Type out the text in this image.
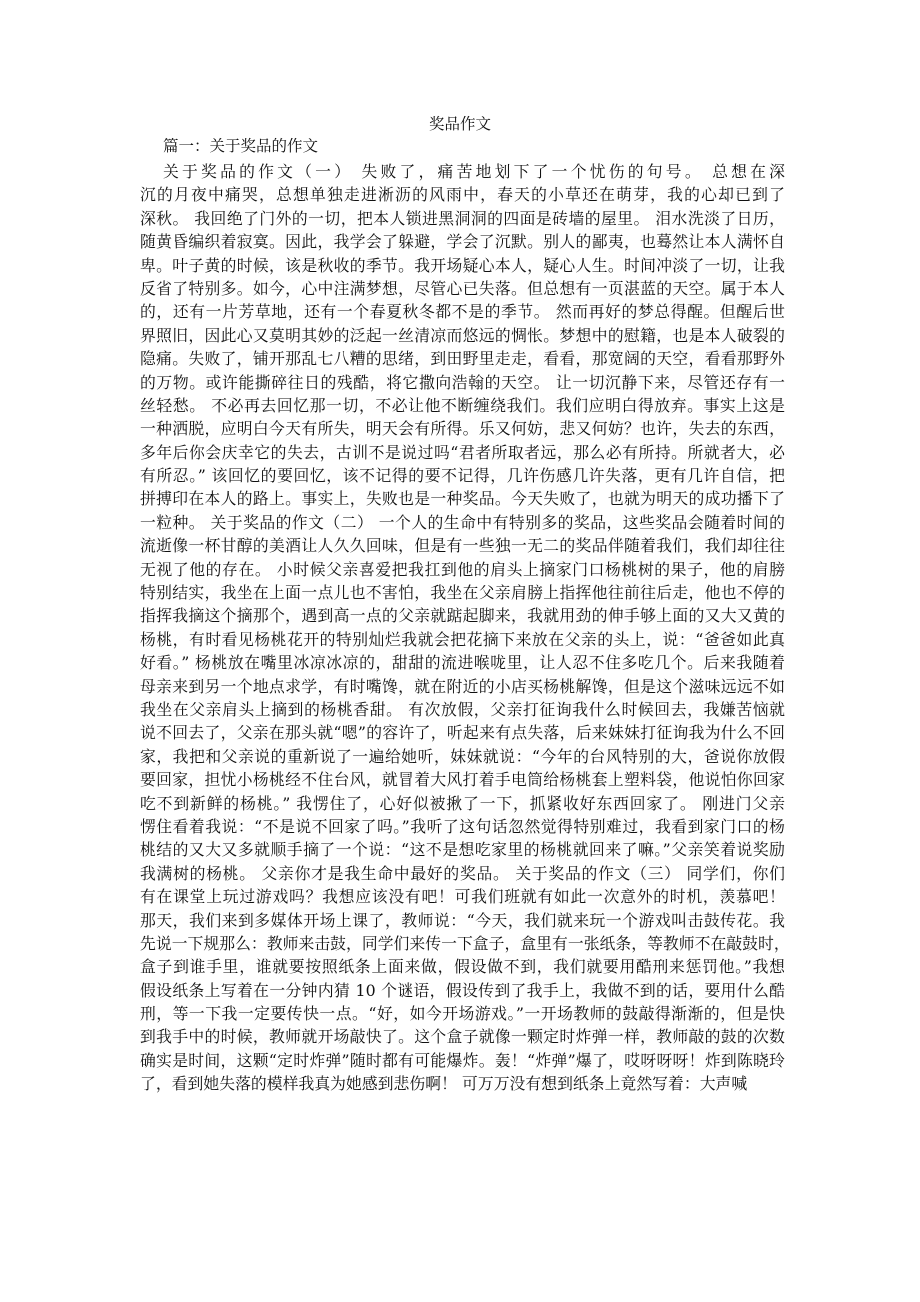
奖品作文
篇一：关于奖品的作文
关于奖品的作文（一） 失败了，痛苦地划下了一个忧伤的句号。 总想在深
沉的月夜中痛哭，总想单独走进淅沥的风雨中，春天的小草还在萌芽，我的心却已到了
深秋。 我回绝了门外的一切，把本人锁进黑洞洞的四面是砖墙的屋里。 泪水洗淡了日历，
随黄昏编织着寂寞。因此，我学会了躲避，学会了沉默。别人的鄙夷，也蓦然让本人满怀自
卑。叶子黄的时候，该是秋收的季节。我开场疑心本人，疑心人生。时间冲淡了一切，让我
反省了特别多。如今，心中注满梦想，尽管心已失落。但总想有一页湛蓝的天空。属于本人
的，还有一片芳草地，还有一个春夏秋冬都不是的季节。 然而再好的梦总得醒。但醒后世
界照旧，因此心又莫明其妙的泛起一丝清凉而悠远的惆怅。梦想中的慰籍，也是本人破裂的
隐痛。失败了，铺开那乱七八糟的思绪，到田野里走走，看看，那宽阔的天空，看看那野外
的万物。或许能撕碎往日的残酷，将它撒向浩翰的天空。 让一切沉静下来，尽管还存有一
丝轻愁。 不必再去回忆那一切，不必让他不断缠绕我们。我们应明白得放弃。事实上这是
一种洒脱，应明白今天有所失，明天会有所得。乐又何妨，悲又何妨？也许，失去的东西，
多年后你会庆幸它的失去，古训不是说过吗“君者所取者远，那么必有所持。所就者大，必
有所忍。” 该回忆的要回忆，该不记得的要不记得，几许伤感几许失落，更有几许自信，把
拼搏印在本人的路上。事实上，失败也是一种奖品。今天失败了，也就为明天的成功播下了
一粒种。 关于奖品的作文（二） 一个人的生命中有特别多的奖品，这些奖品会随着时间的
流逝像一杯甘醇的美酒让人久久回味，但是有一些独一无二的奖品伴随着我们，我们却往往
无视了他的存在。 小时候父亲喜爱把我扛到他的肩头上摘家门口杨桃树的果子，他的肩膀
特别结实，我坐在上面一点儿也不害怕，我坐在父亲肩膀上指挥他往前往后走，他也不停的
指挥我摘这个摘那个，遇到高一点的父亲就踮起脚来，我就用劲的伸手够上面的又大又黄的
杨桃，有时看见杨桃花开的特别灿烂我就会把花摘下来放在父亲的头上，说：“爸爸如此真
好看。” 杨桃放在嘴里冰凉冰凉的，甜甜的流进喉咙里，让人忍不住多吃几个。后来我随着
母亲来到另一个地点求学，有时嘴馋，就在附近的小店买杨桃解馋，但是这个滋味远远不如
我坐在父亲肩头上摘到的杨桃香甜。 有次放假，父亲打征询我什么时候回去，我嫌苦恼就
说不回去了，父亲在那头就“嗯”的容许了，听起来有点失落，后来妹妹打征询我为什么不回
家，我把和父亲说的重新说了一遍给她听，妹妹就说：“今年的台风特别的大，爸说你放假
要回家，担忧小杨桃经不住台风，就冒着大风打着手电筒给杨桃套上塑料袋，他说怕你回家
吃不到新鲜的杨桃。” 我愣住了，心好似被揪了一下，抓紧收好东西回家了。 刚进门父亲
愣住看着我说：“不是说不回家了吗。”我听了这句话忽然觉得特别难过，我看到家门口的杨
桃结的又大又多就顺手摘了一个说：“这不是想吃家里的杨桃就回来了嘛。”父亲笑着说奖励
我满树的杨桃。 父亲你才是我生命中最好的奖品。 关于奖品的作文（三） 同学们，你们
有在课堂上玩过游戏吗？我想应该没有吧！可我们班就有如此一次意外的时机，羡慕吧！
那天，我们来到多媒体开场上课了，教师说：“今天，我们就来玩一个游戏叫击鼓传花。我
先说一下规那么：教师来击鼓，同学们来传一下盒子，盒里有一张纸条，等教师不在敲鼓时，
盒子到谁手里，谁就要按照纸条上面来做，假设做不到，我们就要用酷刑来惩罚他。”我想
假设纸条上写着在一分钟内猜 10 个谜语，假设传到了我手上，我做不到的话，要用什么酷
刑，等一下我一定要传快一点。“好，如今开场游戏。”一开场教师的鼓敲得渐渐的，但是快
到我手中的时候，教师就开场敲快了。这个盒子就像一颗定时炸弹一样，教师敲的鼓的次数
确实是时间，这颗“定时炸弹”随时都有可能爆炸。轰！“炸弹”爆了，哎呀呀呀！炸到陈晓玲
了，看到她失落的模样我真为她感到悲伤啊！ 可万万没有想到纸条上竟然写着：大声喊
